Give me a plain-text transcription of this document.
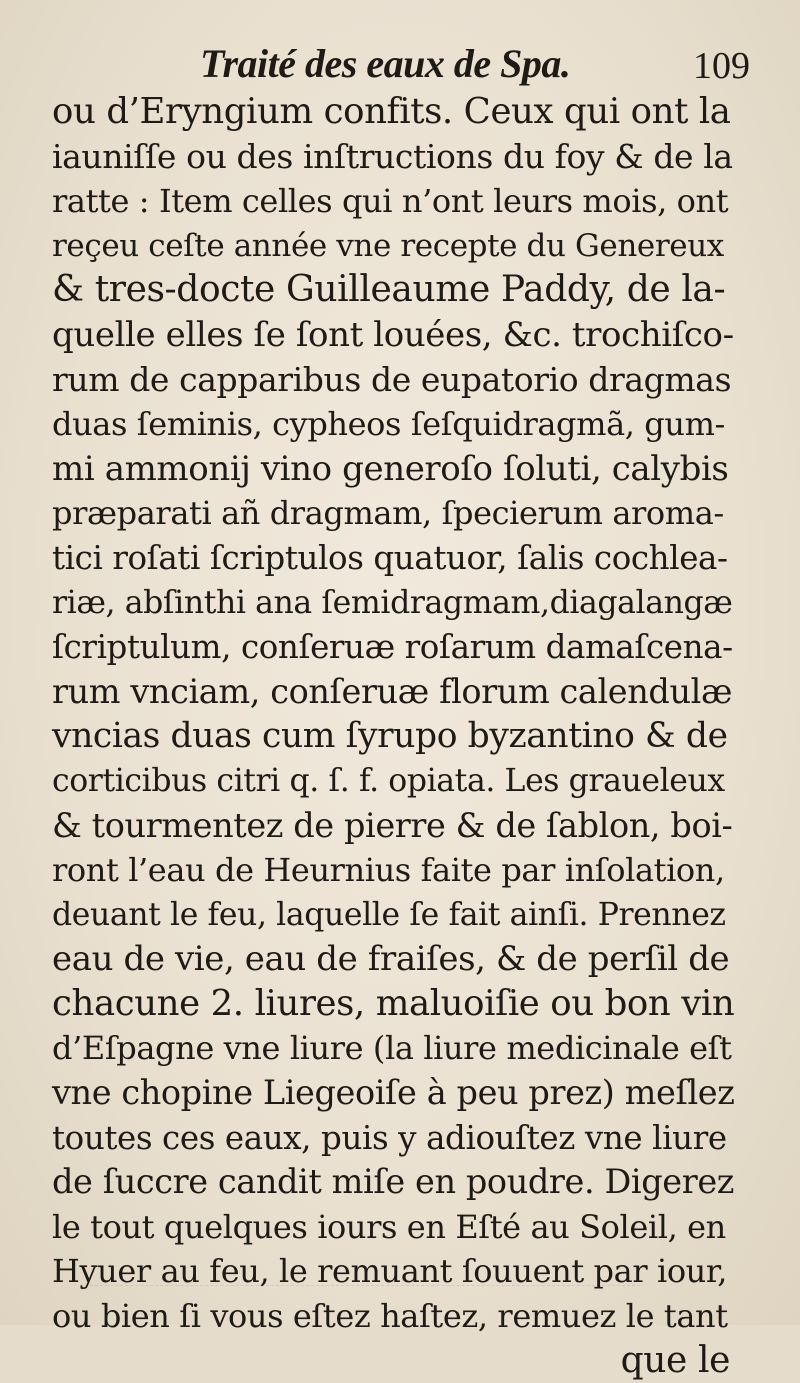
Traité des eaux de Spa.	109
ou d’Eryngium confits. Ceux qui ont la
iauniſſe ou des inſtructions du foy & de la
ratte : Item celles qui n’ont leurs mois, ont
reçeu ceſte année vne recepte du Genereux
& tres-docte Guilleaume Paddy, de la-
quelle elles ſe ſont louées, &c. trochiſco-
rum de capparibus de eupatorio dragmas
duas ſeminis, cypheos ſeſquidragmã, gum-
mi ammonij vino generoſo ſoluti, calybis
præparati añ dragmam, ſpecierum aroma-
tici roſati ſcriptulos quatuor, ſalis cochlea-
riæ, abſinthi ana ſemidragmam,diagalangæ
ſcriptulum, conſeruæ roſarum damaſcena-
rum vnciam, conſeruæ florum calendulæ
vncias duas cum ſyrupo byzantino & de
corticibus citri q. ſ. f. opiata. Les graueleux
& tourmentez de pierre & de ſablon, boi-
ront l’eau de Heurnius faite par inſolation,
deuant le feu, laquelle ſe fait ainſi. Prennez
eau de vie, eau de fraiſes, & de perſil de
chacune 2. liures, maluoiſie ou bon vin
d’Eſpagne vne liure (la liure medicinale eſt
vne chopine Liegeoiſe à peu prez) meſlez
toutes ces eaux, puis y adiouſtez vne liure
de ſuccre candit miſe en poudre. Digerez
le tout quelques iours en Eſté au Soleil, en
Hyuer au feu, le remuant ſouuent par iour,
ou bien ſi vous eſtez haſtez, remuez le tant
que le
